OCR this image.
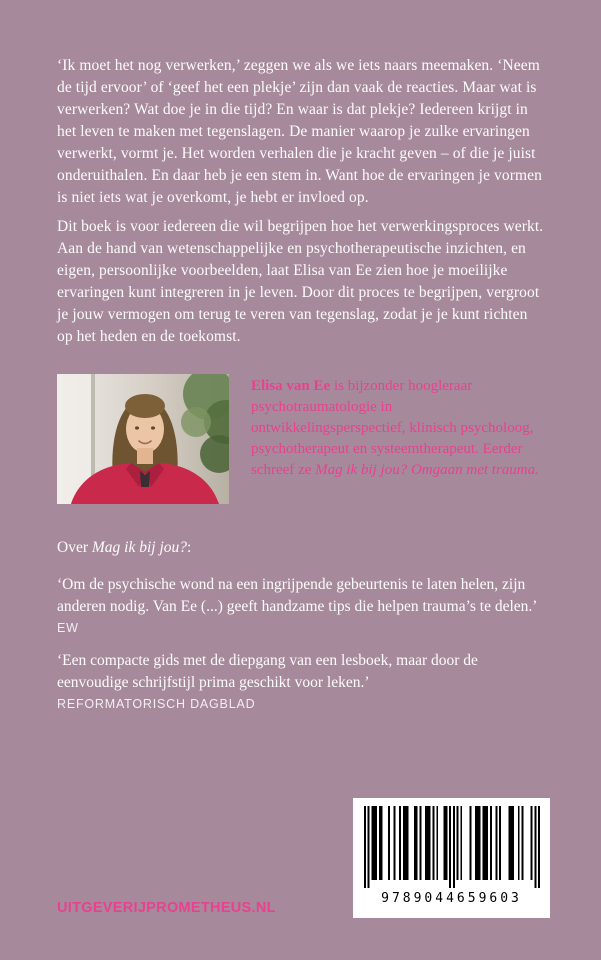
‘Ik moet het nog verwerken,’ zeggen we als we iets naars meemaken. ‘Neem de tijd ervoor’ of ‘geef het een plekje’ zijn dan vaak de reacties. Maar wat is verwerken? Wat doe je in die tijd? En waar is dat plekje? Iedereen krijgt in het leven te maken met tegenslagen. De manier waarop je zulke ervaringen verwerkt, vormt je. Het worden verhalen die je kracht geven – of die je juist onderuithalen. En daar heb je een stem in. Want hoe de ervaringen je vormen is niet iets wat je overkomt, je hebt er invloed op.

Dit boek is voor iedereen die wil begrijpen hoe het verwerkingsproces werkt. Aan de hand van wetenschappelijke en psychotherapeutische inzichten, en eigen, persoonlijke voorbeelden, laat Elisa van Ee zien hoe je moeilijke ervaringen kunt integreren in je leven. Door dit proces te begrijpen, vergroot je jouw vermogen om terug te veren van tegenslag, zodat je je kunt richten op het heden en de toekomst.

Elisa van Ee is bijzonder hoogleraar psychotraumatologie in ontwikkelingsperspectief, klinisch psycholoog, psychotherapeut en systeemtherapeut. Eerder schreef ze Mag ik bij jou? Omgaan met trauma.

Over Mag ik bij jou?:

‘Om de psychische wond na een ingrijpende gebeurtenis te laten helen, zijn anderen nodig. Van Ee (...) geeft handzame tips die helpen trauma’s te delen.’

EW

‘Een compacte gids met de diepgang van een lesboek, maar door de eenvoudige schrijfstijl prima geschikt voor leken.’

REFORMATORISCH DAGBLAD

UITGEVERIJPROMETHEUS.NL
9789044659603
